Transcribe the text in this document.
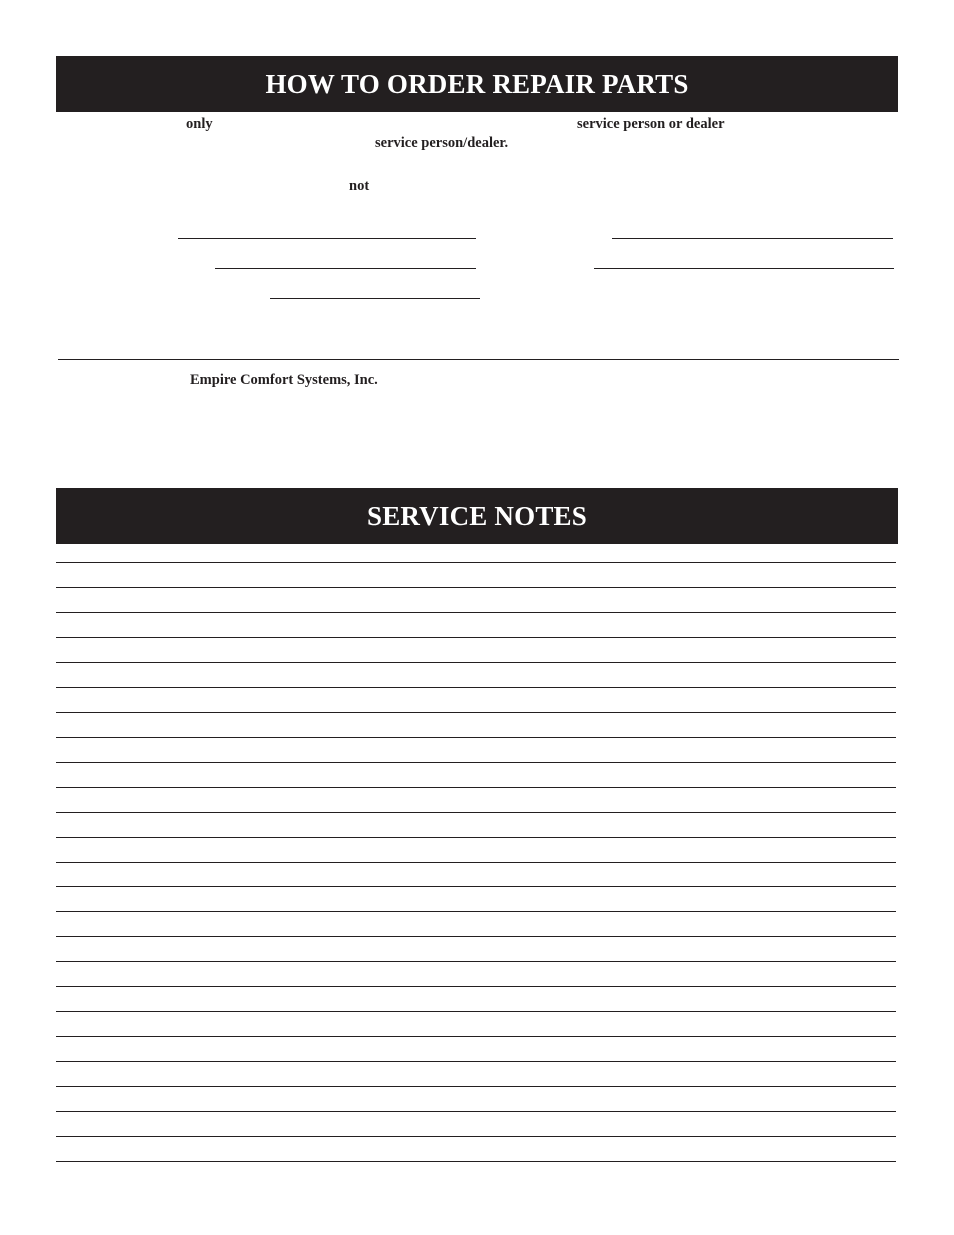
HOW TO ORDER REPAIR PARTS
only	service person or dealer
service person/dealer.
not
Empire Comfort Systems, Inc.
SERVICE NOTES
